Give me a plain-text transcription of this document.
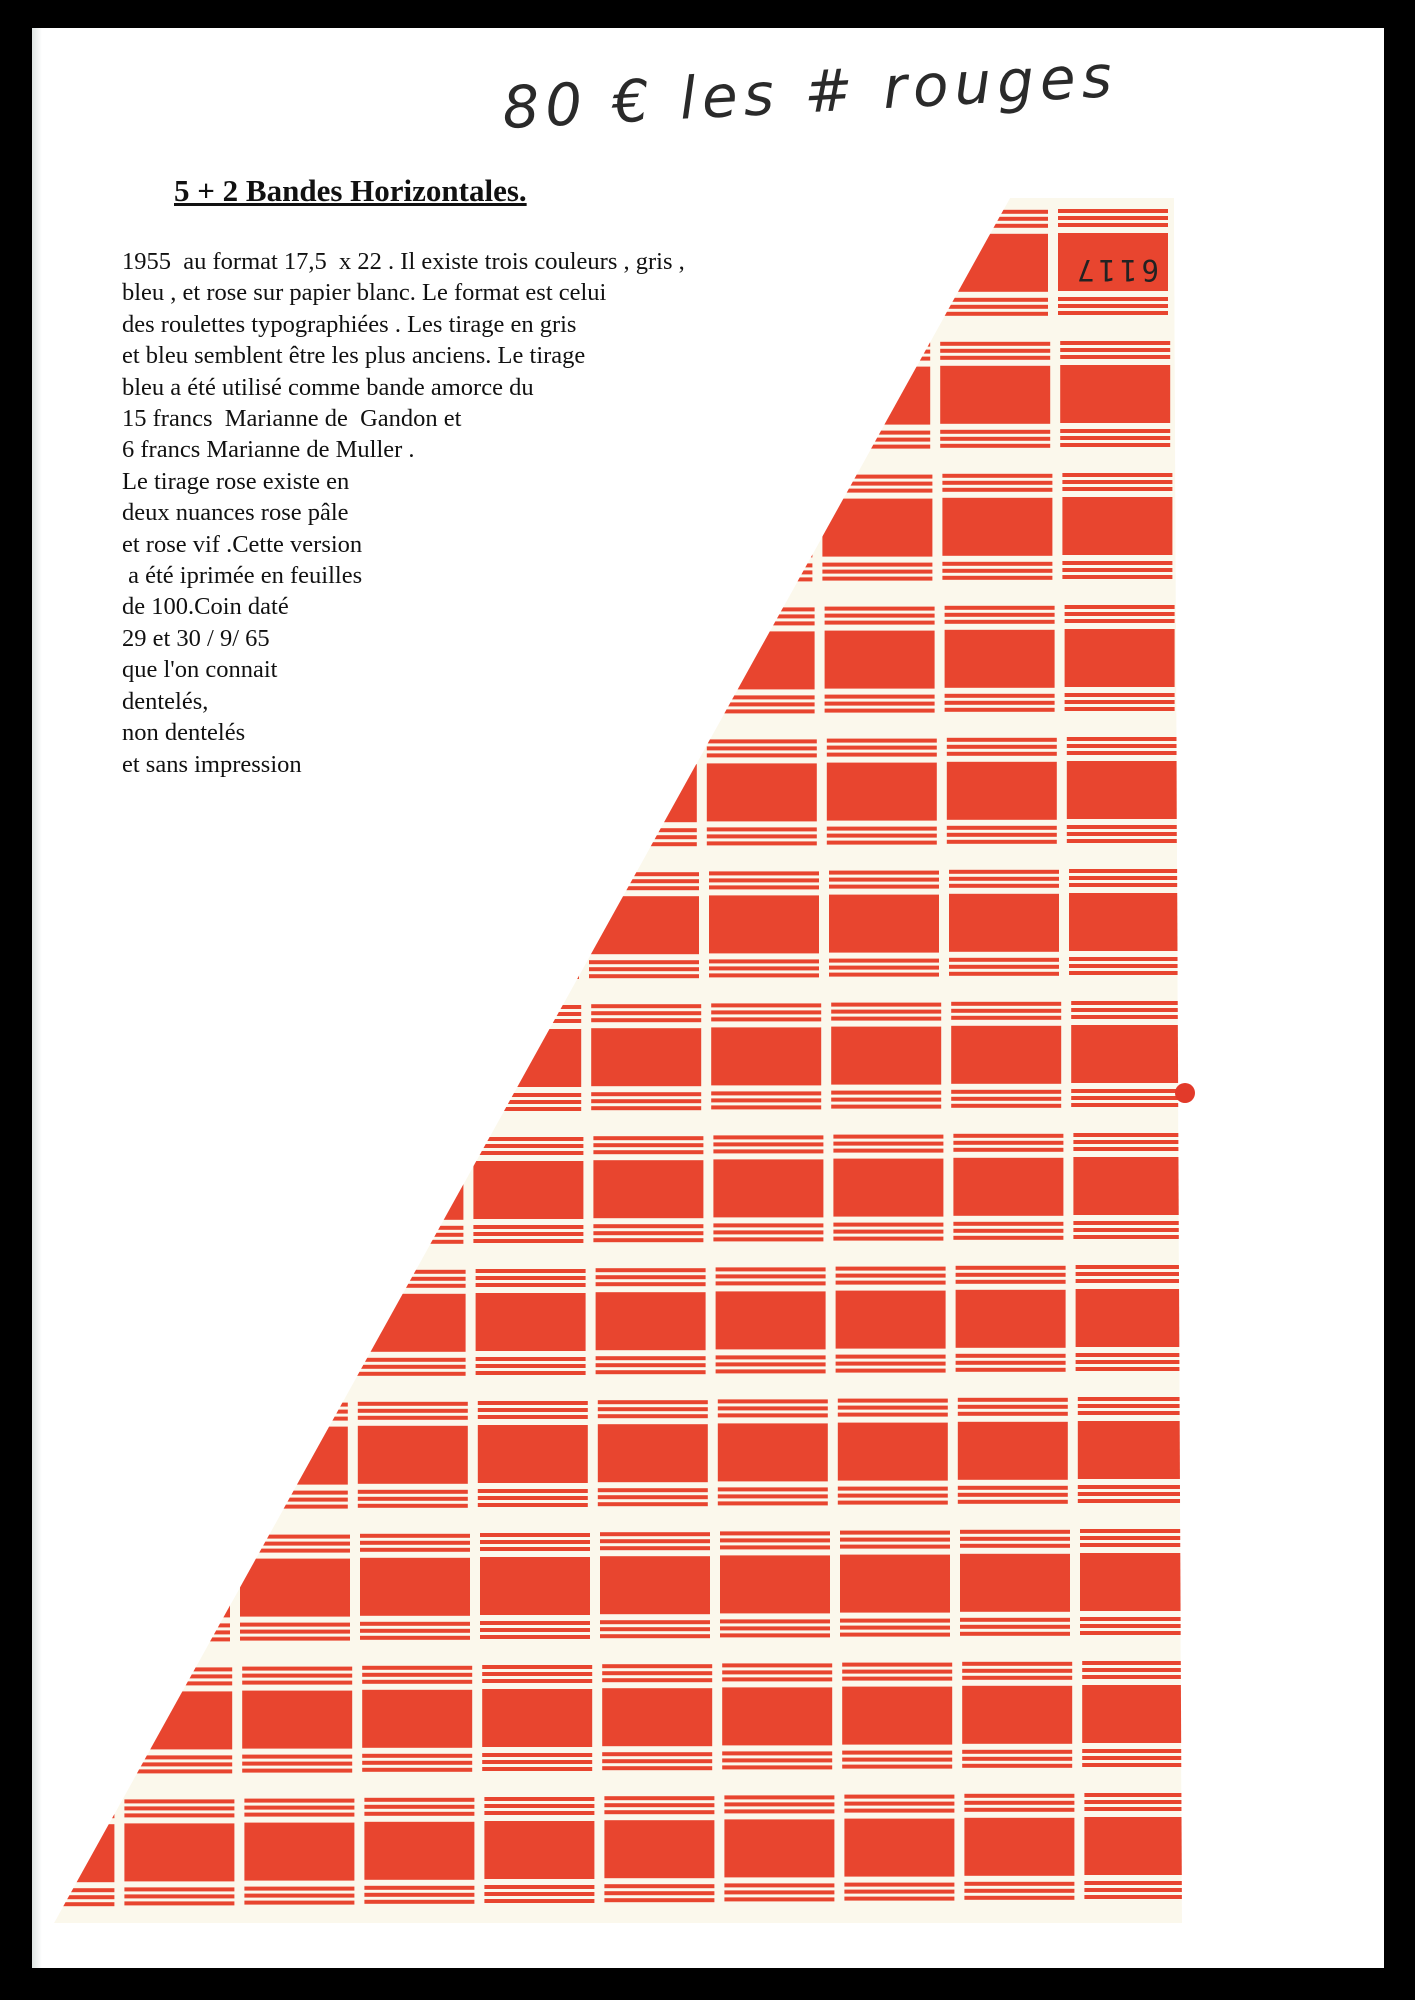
80 € les # rouges
5 + 2 Bandes Horizontales.
1955  au format 17,5  x 22 . Il existe trois couleurs , gris ,
bleu , et rose sur papier blanc. Le format est celui
des roulettes typographiées . Les tirage en gris
et bleu semblent être les plus anciens. Le tirage
bleu a été utilisé comme bande amorce du
15 francs  Marianne de  Gandon et
6 francs Marianne de Muller .
Le tirage rose existe en
deux nuances rose pâle
et rose vif .Cette version
a été iprimée en feuilles
de 100.Coin daté
29 et 30 / 9/ 65
que l'on connait
dentelés,
non dentelés
et sans impression
6117
